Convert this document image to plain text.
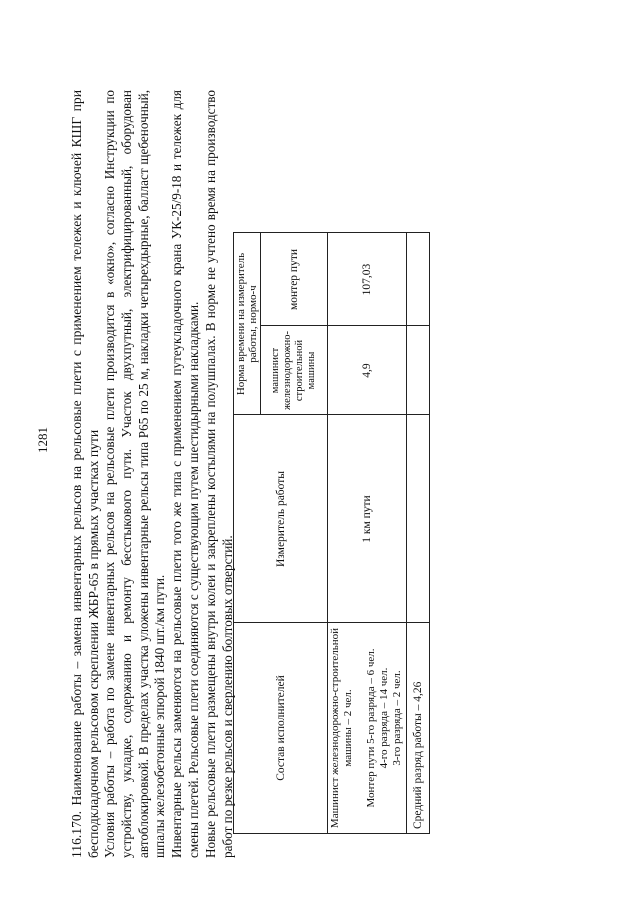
1281 116.170. Наименование работы – замена инвентарных рельсов на рельсовые плети с применением тележек и ключей КШГ при бесподкладочном рельсовом скреплении ЖБР-65 в прямых участках пути Условия работы – работа по замене инвентарных рельсов на рельсовые плети производится в «окно», согласно Инструкции по устройству, укладке, содержанию и ремонту бесстыкового пути. Участок двухпутный, электрифицированный, оборудован автоблокировкой. В пределах участка уложены инвентарные рельсы типа Р65 по 25 м, накладки четырехдырные, балласт щебеночный, шпалы железобетонные эпюрой 1840 шт./км пути. Инвентарные рельсы заменяются на рельсовые плети того же типа с применением путеукладочного крана УК-25/9-18 и тележек для смены плетей. Рельсовые плети соединяются с существующим путем шестидырными накладками. Новые рельсовые плети размещены внутри колеи и закреплены костылями на полушпалах. В норме не учтено время на производство работ по резке рельсов и сверлению болтовых отверстий.	Состав исполнителей
Измеритель работы
Норма времени на измеритель работы, нормо-ч
машинист железнодорожно-строительной машины
монтер пути
Машинист железнодорожно-строительной машины – 2 чел. Монтер пути 5-го разряда – 6 чел. 4-го разряда – 14 чел. 3-го разряда – 2 чел.
1 км пути
4,9
107,03
Средний разряд работы – 4,26
